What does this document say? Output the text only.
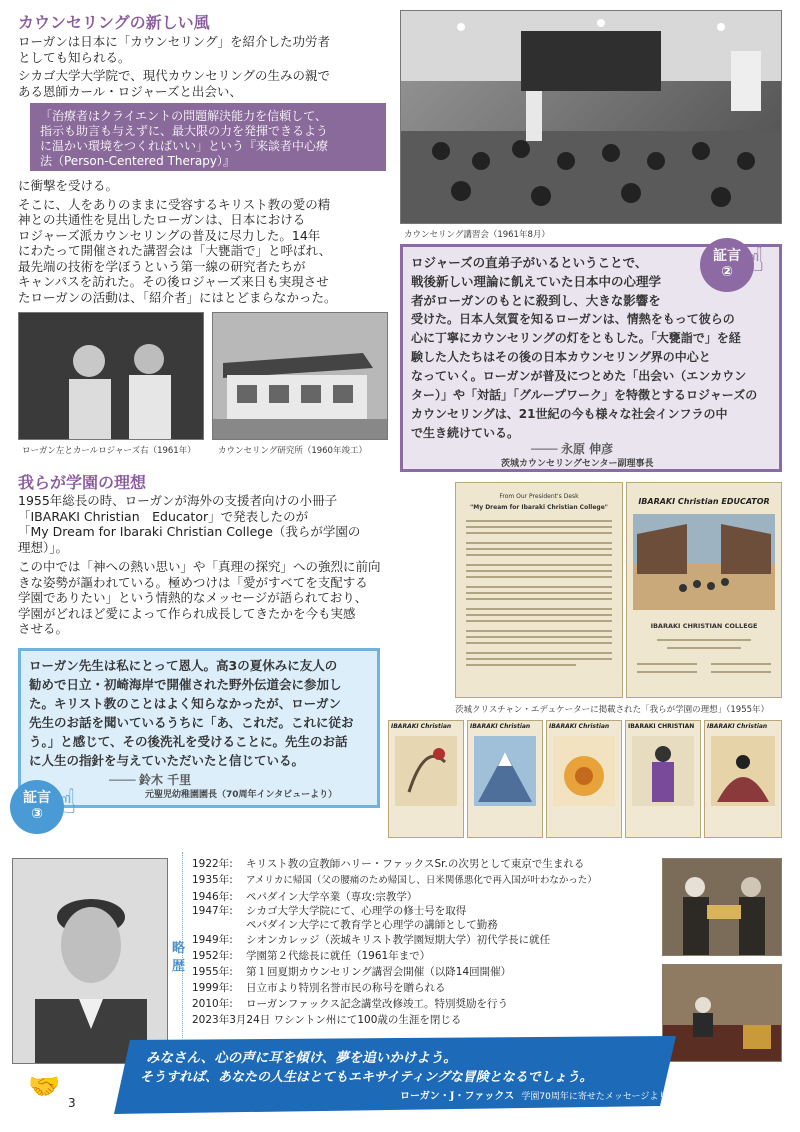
カウンセリングの新しい風
ローガンは日本に「カウンセリング」を紹介した功労者
としても知られる。
シカゴ大学大学院で、現代カウンセリングの生みの親で
ある恩師カール・ロジャーズと出会い、
「治療者はクライエントの問題解決能力を信頼して、
指示も助言も与えずに、最大限の力を発揮できるよう
に温かい環境をつくればいい」という『来談者中心療
法（Person-Centered Therapy）』
に衝撃を受ける。
そこに、人をありのままに受容するキリスト教の愛の精
神との共通性を見出したローガンは、日本における
ロジャーズ派カウンセリングの普及に尽力した。14年
にわたって開催された講習会は「大甕詣で」と呼ばれ、
最先端の技術を学ぼうという第一線の研究者たちが
キャンパスを訪れた。その後ロジャーズ来日も実現させ
たローガンの活動は、「紹介者」にはとどまらなかった。
カウンセリング講習会（1961年8月）
ローガン左とカールロジャーズ右（1961年）	カウンセリング研究所（1960年竣工）
ロジャーズの直弟子がいるということで、
戦後新しい理論に飢えていた日本中の心理学
者がローガンのもとに殺到し、大きな影響を
受けた。日本人気質を知るローガンは、情熱をもって彼らの
心に丁寧にカウンセリングの灯をともした。「大甕詣で」を経
験した人たちはその後の日本カウンセリング界の中心と
なっていく。ローガンが普及につとめた「出会い（エンカウン
ター）」や「対話」「グループワーク」を特徴とするロジャーズの
カウンセリングは、21世紀の今も様々な社会インフラの中
で生き続けている。
──── 永原 伸彦
茨城カウンセリングセンター副理事長
証言
② ☝
我らが学園の理想
1955年総長の時、ローガンが海外の支援者向けの小冊子
「IBARAKI Christian　Educator」で発表したのが
「My Dream for Ibaraki Christian College（我らが学園の
理想）」。
この中では「神への熱い思い」や「真理の探究」への強烈に前向
きな姿勢が謳われている。極めつけは「愛がすべてを支配する
学園でありたい」という情熱的なメッセージが語られており、
学園がどれほど愛によって作られ成長してきたかを今も実感
させる。
From Our President's Desk
"My Dream for Ibaraki Christian College"
IBARAKI Christian EDUCATOR
IBARAKI CHRISTIAN COLLEGE
茨城クリスチャン・エデュケーターに掲載された「我らが学園の理想」（1955年）
IBARAKI Christian	IBARAKI Christian	IBARAKI Christian	IBARAKI CHRISTIAN	IBARAKI Christian
ローガン先生は私にとって恩人。高3の夏休みに友人の
勧めで日立・初崎海岸で開催された野外伝道会に参加し
た。キリスト教のことはよく知らなかったが、ローガン
先生のお話を聞いているうちに「あ、これだ。これに従お
う。」と感じて、その後洗礼を受けることに。先生のお話
に人生の指針を与えていただいたと信じている。
──── 鈴木 千里
元聖児幼稚園園長（70周年インタビューより）
証言
③ ☝
略
歴
1922年: キリスト教の宣教師ハリー・ファックスSr.の次男として東京で生まれる
1935年: アメリカに帰国（父の腰痛のため帰国し、日米関係悪化で再入国が叶わなかった）
1946年: ペパダイン大学卒業（専攻:宗教学）
1947年: シカゴ大学大学院にて、心理学の修士号を取得
ペパダイン大学にて教育学と心理学の講師として勤務
1949年: シオンカレッジ（茨城キリスト教学園短期大学）初代学長に就任
1952年: 学園第２代総長に就任（1961年まで）
1955年: 第１回夏期カウンセリング講習会開催（以降14回開催）
1999年: 日立市より特別名誉市民の称号を贈られる
2010年: ローガンファックス記念講堂改修竣工。特別奨励を行う
2023年3月24日 ワシントン州にて100歳の生涯を閉じる
みなさん、心の声に耳を傾け、夢を追いかけよう。
そうすれば、あなたの人生はとてもエキサイティングな冒険となるでしょう。
ローガン・J・ファックス 学園70周年に寄せたメッセージより
🤝
3
